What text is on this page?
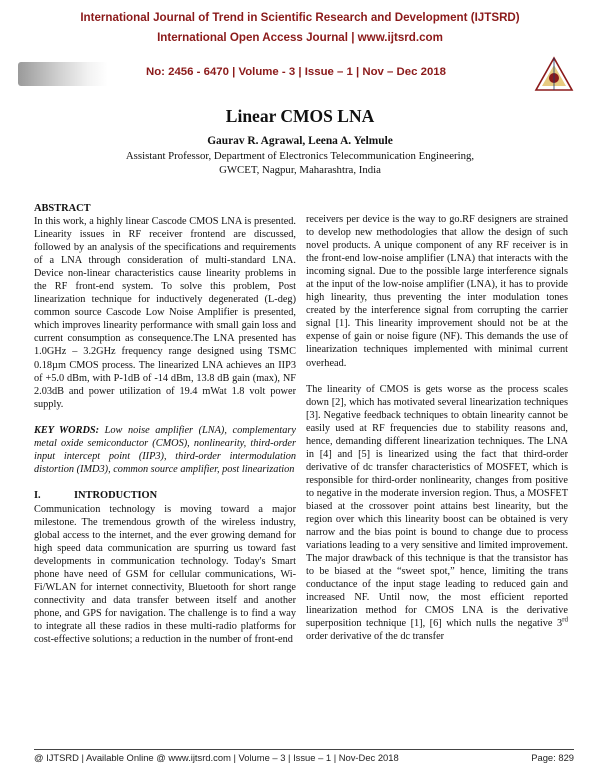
International Journal of Trend in Scientific Research and Development (IJTSRD)
International Open Access Journal | www.ijtsrd.com
No: 2456 - 6470 | Volume - 3 | Issue – 1 | Nov – Dec 2018
Linear CMOS LNA
Gaurav R. Agrawal, Leena A. Yelmule
Assistant Professor, Department of Electronics Telecommunication Engineering,
GWCET, Nagpur, Maharashtra, India
ABSTRACT

In this work, a highly linear Cascode CMOS LNA is presented. Linearity issues in RF receiver frontend are discussed, followed by an analysis of the specifications and requirements of a LNA through consideration of multi-standard LNA. Device non-linear characteristics cause linearity problems in the RF front-end system. To solve this problem, Post linearization technique for inductively degenerated (L-deg) common source Cascode Low Noise Amplifier is presented, which improves linearity performance with small gain loss and current consumption as consequence.The LNA presented has 1.0GHz – 3.2GHz frequency range designed using TSMC 0.18µm CMOS process. The linearized LNA achieves an IIP3 of +5.0 dBm, with P-1dB of -14 dBm, 13.8 dB gain (max), NF 2.03dB and power utilization of 19.4 mWat 1.8 volt power supply.

KEY WORDS: Low noise amplifier (LNA), complementary metal oxide semiconductor (CMOS), nonlinearity, third-order input intercept point (IIP3), third-order intermodulation distortion (IMD3), common source amplifier, post linearization

I.	INTRODUCTION

Communication technology is moving toward a major milestone. The tremendous growth of the wireless industry, global access to the internet, and the ever growing demand for high speed data communication are spurring us toward fast developments in communication technology. Today's Smart phone have need of GSM for cellular communications, Wi-Fi/WLAN for internet connectivity, Bluetooth for short range connectivity and data transfer between itself and another phone, and GPS for navigation. The challenge is to find a way to integrate all these radios in these multi-radio platforms for cost-effective solutions; a reduction in the number of front-end

receivers per device is the way to go.RF designers are strained to develop new methodologies that allow the design of such novel products. A unique component of any RF receiver is in the front-end low-noise amplifier (LNA) that interacts with the incoming signal. Due to the possible large interference signals at the input of the low-noise amplifier (LNA), it has to provide high linearity, thus preventing the inter modulation tones created by the interference signal from corrupting the carrier signal [1]. This linearity improvement should not be at the expense of gain or noise figure (NF). This demands the use of linearization techniques implemented with minimal current overhead.

The linearity of CMOS is gets worse as the process scales down [2], which has motivated several linearization techniques [3]. Negative feedback techniques to obtain linearity cannot be easily used at RF frequencies due to stability reasons and, hence, demanding different linearization techniques. The LNA in [4] and [5] is linearized using the fact that third-order derivative of dc transfer characteristics of MOSFET, which is responsible for third-order nonlinearity, changes from positive to negative in the moderate inversion region. Thus, a MOSFET biased at the crossover point attains best linearity, but the region over which this linearity boost can be obtained is very narrow and the bias point is bound to change due to process variations leading to a very sensitive and limited improvement. The major drawback of this technique is that the transistor has to be biased at the “sweet spot,” hence, limiting the trans conductance of the input stage leading to reduced gain and increased NF. Until now, the most efficient reported linearization method for CMOS LNA is the derivative superposition technique [1], [6] which nulls the negative 3rd order derivative of the dc transfer

@ IJTSRD | Available Online @ www.ijtsrd.com | Volume – 3 | Issue – 1 | Nov-Dec 2018	Page: 829
